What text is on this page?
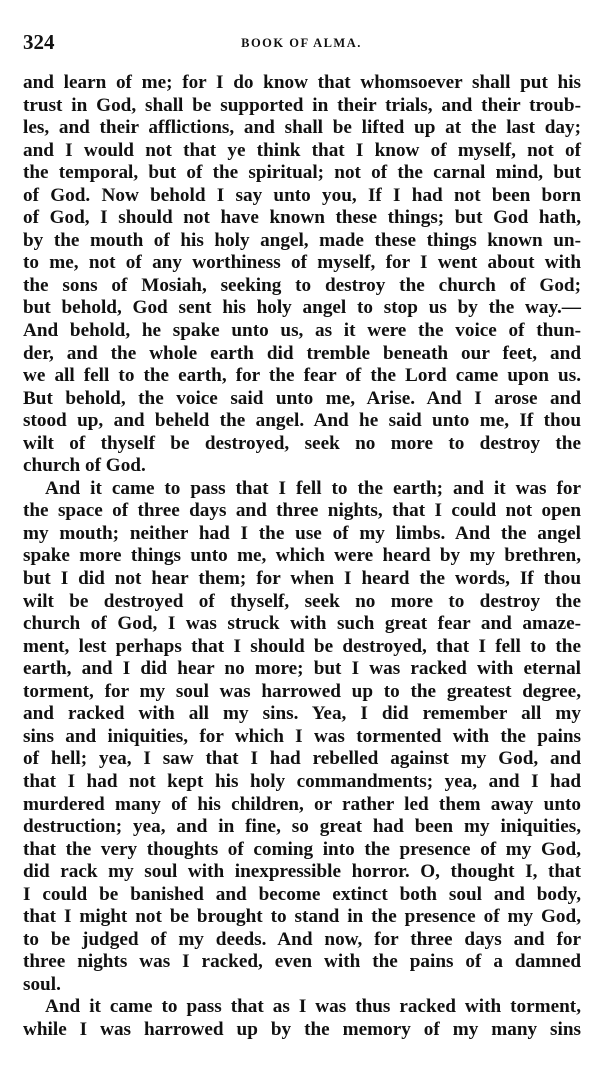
324	BOOK OF ALMA.
and learn of me; for I do know that whomsoever shall put his
trust in God, shall be supported in their trials, and their troub-
les, and their afflictions, and shall be lifted up at the last day;
and I would not that ye think that I know of myself, not of
the temporal, but of the spiritual; not of the carnal mind, but
of God. Now behold I say unto you, If I had not been born
of God, I should not have known these things; but God hath,
by the mouth of his holy angel, made these things known un-
to me, not of any worthiness of myself, for I went about with
the sons of Mosiah, seeking to destroy the church of God;
but behold, God sent his holy angel to stop us by the way.—
And behold, he spake unto us, as it were the voice of thun-
der, and the whole earth did tremble beneath our feet, and
we all fell to the earth, for the fear of the Lord came upon us.
But behold, the voice said unto me, Arise. And I arose and
stood up, and beheld the angel. And he said unto me, If thou
wilt of thyself be destroyed, seek no more to destroy the
church of God.
And it came to pass that I fell to the earth; and it was for
the space of three days and three nights, that I could not open
my mouth; neither had I the use of my limbs. And the angel
spake more things unto me, which were heard by my brethren,
but I did not hear them; for when I heard the words, If thou
wilt be destroyed of thyself, seek no more to destroy the
church of God, I was struck with such great fear and amaze-
ment, lest perhaps that I should be destroyed, that I fell to the
earth, and I did hear no more; but I was racked with eternal
torment, for my soul was harrowed up to the greatest degree,
and racked with all my sins. Yea, I did remember all my
sins and iniquities, for which I was tormented with the pains
of hell; yea, I saw that I had rebelled against my God, and
that I had not kept his holy commandments; yea, and I had
murdered many of his children, or rather led them away unto
destruction; yea, and in fine, so great had been my iniquities,
that the very thoughts of coming into the presence of my God,
did rack my soul with inexpressible horror. O, thought I, that
I could be banished and become extinct both soul and body,
that I might not be brought to stand in the presence of my God,
to be judged of my deeds. And now, for three days and for
three nights was I racked, even with the pains of a damned
soul.
And it came to pass that as I was thus racked with torment,
while I was harrowed up by the memory of my many sins
